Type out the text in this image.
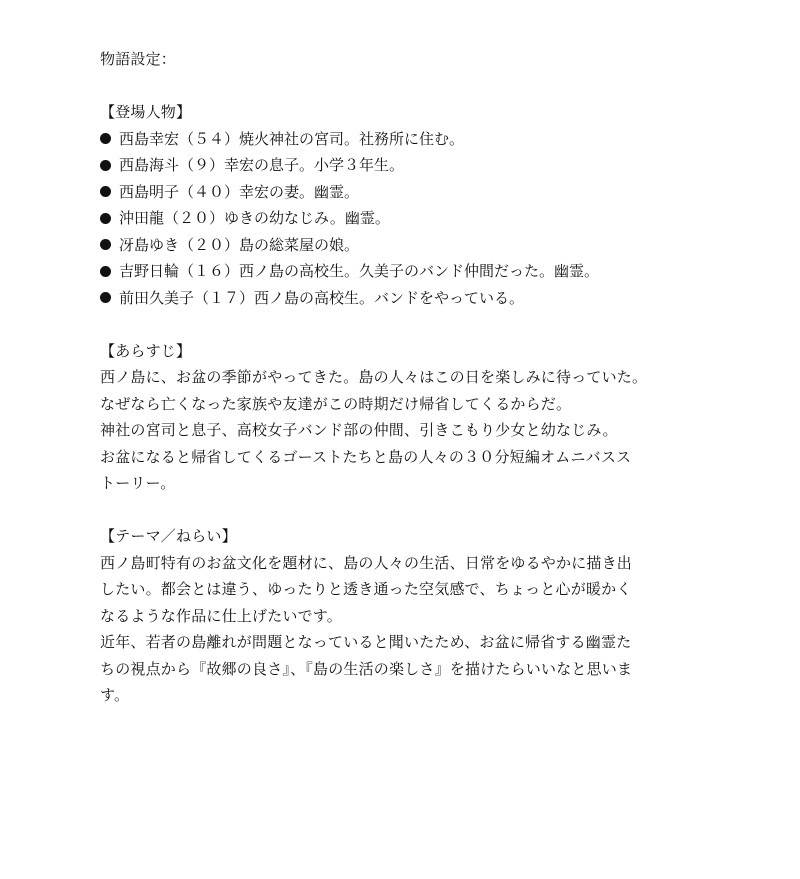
物語設定：
【登場人物】
西島幸宏（５４）焼火神社の宮司。社務所に住む。
西島海斗（９）幸宏の息子。小学３年生。
西島明子（４０）幸宏の妻。幽霊。
沖田龍（２０）ゆきの幼なじみ。幽霊。
冴島ゆき（２０）島の総菜屋の娘。
吉野日輪（１６）西ノ島の高校生。久美子のバンド仲間だった。幽霊。
前田久美子（１７）西ノ島の高校生。バンドをやっている。
【あらすじ】
西ノ島に、お盆の季節がやってきた。島の人々はこの日を楽しみに待っていた。
なぜなら亡くなった家族や友達がこの時期だけ帰省してくるからだ。
神社の宮司と息子、高校女子バンド部の仲間、引きこもり少女と幼なじみ。
お盆になると帰省してくるゴーストたちと島の人々の３０分短編オムニバスス
トーリー。
【テーマ／ねらい】
西ノ島町特有のお盆文化を題材に、島の人々の生活、日常をゆるやかに描き出
したい。都会とは違う、ゆったりと透き通った空気感で、ちょっと心が暖かく
なるような作品に仕上げたいです。
近年、若者の島離れが問題となっていると聞いたため、お盆に帰省する幽霊た
ちの視点から『故郷の良さ』、『島の生活の楽しさ』を描けたらいいなと思いま
す。
